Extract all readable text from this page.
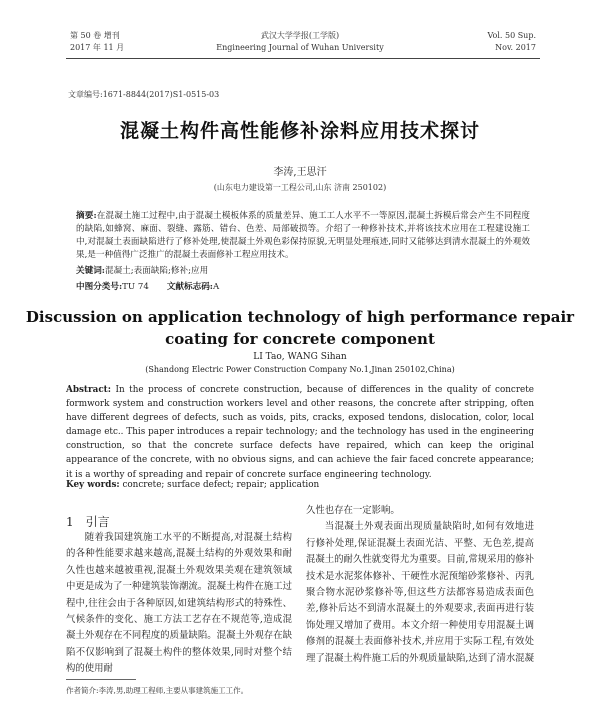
第 50 卷 增刊
2017 年 11 月
武汉大学学报(工学版)
Engineering Journal of Wuhan University
Vol. 50 Sup.
Nov. 2017
文章编号:1671-8844(2017)S1-0515-03
混凝土构件高性能修补涂料应用技术探讨
李涛,王思汗
(山东电力建设第一工程公司,山东 济南 250102)
摘要:在混凝土施工过程中,由于混凝土模板体系的质量差异、施工工人水平不一等原因,混凝土拆模后常会产生不同程度的缺陷,如蜂窝、麻面、裂缝、露筋、错台、色差、局部破损等。介绍了一种修补技术,并将该技术应用在工程建设施工中,对混凝土表面缺陷进行了修补处理,使混凝土外观色彩保持原貌,无明显处理痕迹,同时又能够达到清水混凝土的外观效果,是一种值得广泛推广的混凝土表面修补工程应用技术。
关键词:混凝土;表面缺陷;修补;应用
中图分类号:TU 74 文献标志码:A
Discussion on application technology of high performance repair coating for concrete component
LI Tao, WANG Sihan
(Shandong Electric Power Construction Company No.1,Jinan 250102,China)
Abstract: In the process of concrete construction, because of differences in the quality of concrete formwork system and construction workers level and other reasons, the concrete after stripping, often have different degrees of defects, such as voids, pits, cracks, exposed tendons, dislocation, color, local damage etc.. This paper introduces a repair technology; and the technology has used in the engineering construction, so that the concrete surface defects have repaired, which can keep the original appearance of the concrete, with no obvious signs, and can achieve the fair faced concrete appearance; it is a worthy of spreading and repair of concrete surface engineering technology.
Key words: concrete; surface defect; repair; application
1 引言

随着我国建筑施工水平的不断提高,对混凝土结构的各种性能要求越来越高,混凝土结构的外观效果和耐久性也越来越被重视,混凝土外观效果美观在建筑领域中更是成为了一种建筑装饰潮流。混凝土构件在施工过程中,往往会由于各种原因,如建筑结构形式的特殊性、气候条件的变化、施工方法工艺存在不规范等,造成混凝土外观存在不同程度的质量缺陷。混凝土外观存在缺陷不仅影响到了混凝土构件的整体效果,同时对整个结构的使用耐

久性也存在一定影响。

当混凝土外观表面出现质量缺陷时,如何有效地进行修补处理,保证混凝土表面光洁、平整、无色差,提高混凝土的耐久性就变得尤为重要。目前,常规采用的修补技术是水泥浆体修补、干硬性水泥预缩砂浆修补、丙乳聚合物水泥砂浆修补等,但这些方法都容易造成表面色差,修补后达不到清水混凝土的外观要求,表面再进行装饰处理又增加了费用。本文介绍一种使用专用混凝土调修剂的混凝土表面修补技术,并应用于实际工程,有效处理了混凝土构件施工后的外观质量缺陷,达到了清水混凝

作者简介:李涛,男,助理工程师,主要从事建筑施工工作。
